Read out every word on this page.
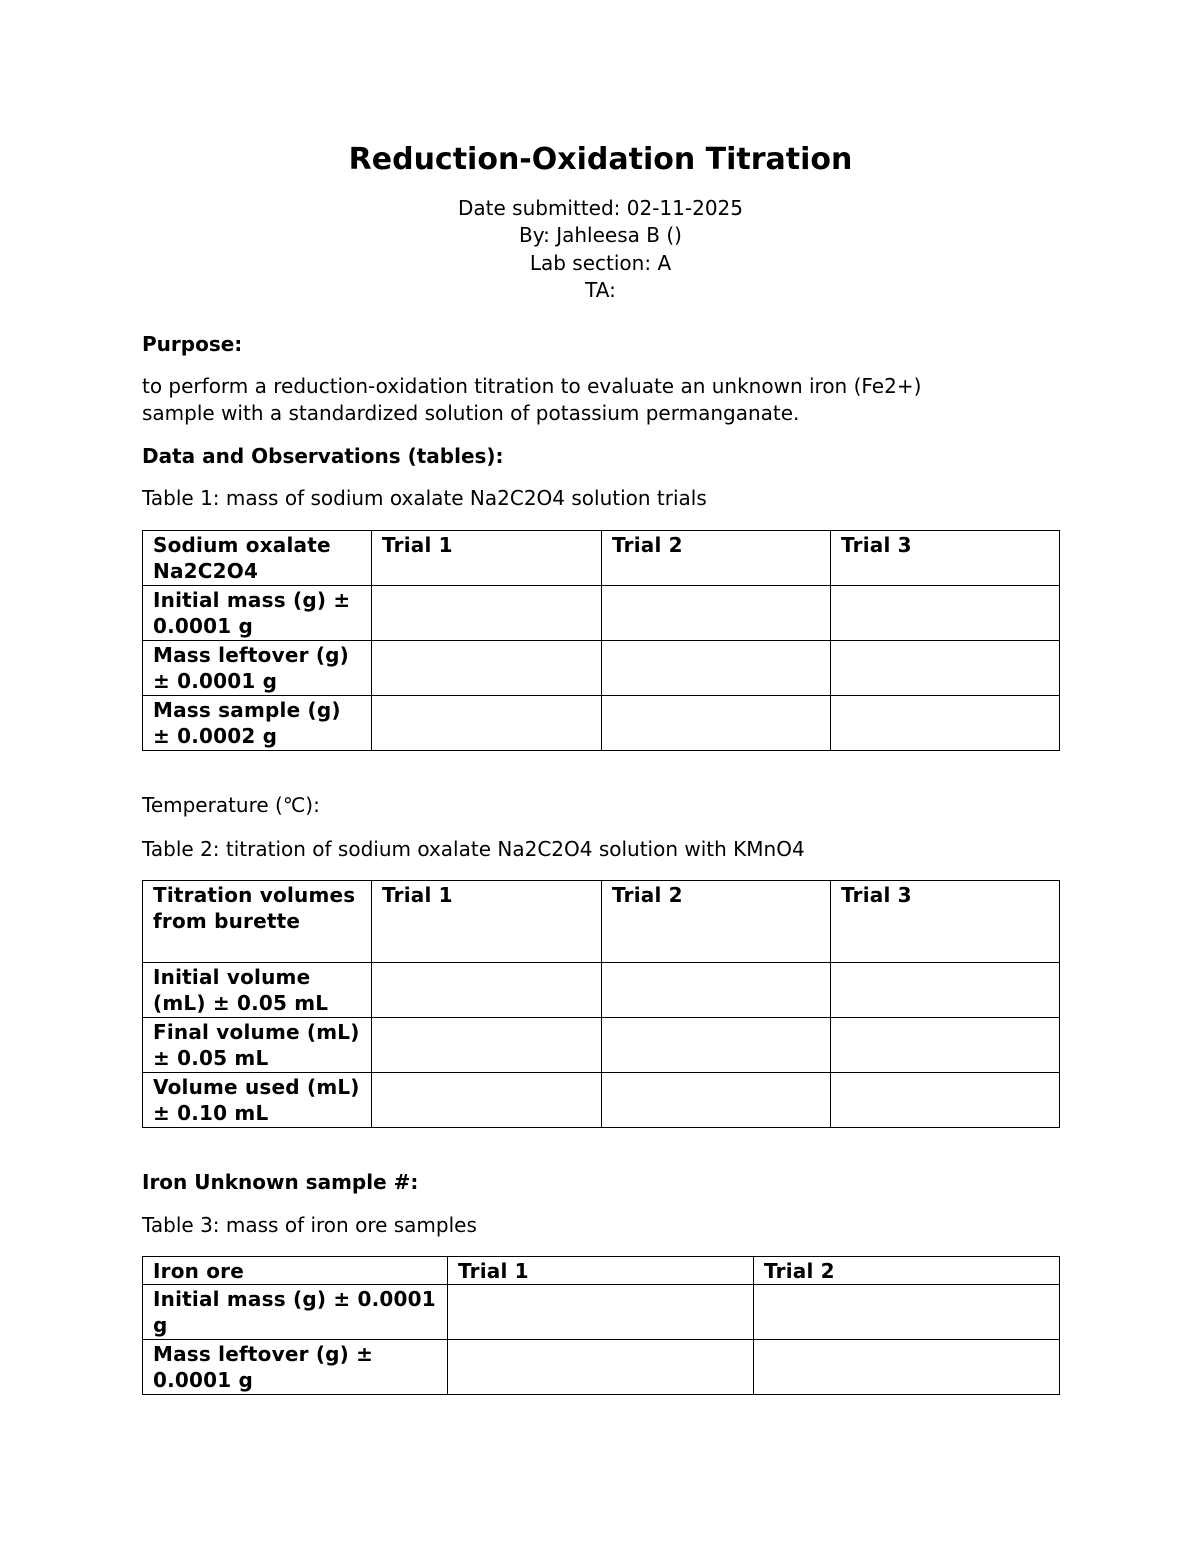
Reduction-Oxidation Titration
Date submitted: 02-11-2025
By: Jahleesa B ()
Lab section: A
TA:
Purpose:
to perform a reduction-oxidation titration to evaluate an unknown iron (Fe2+)
sample with a standardized solution of potassium permanganate.
Data and Observations (tables):
Table 1: mass of sodium oxalate Na2C2O4 solution trials
Sodium oxalate Na2C2O4	Trial 1	Trial 2	Trial 3
Initial mass (g) ± 0.0001 g			
Mass leftover (g) ± 0.0001 g			
Mass sample (g) ± 0.0002 g			
Temperature (℃):
Table 2: titration of sodium oxalate Na2C2O4 solution with KMnO4
Titration volumes from burette	Trial 1	Trial 2	Trial 3
Initial volume (mL) ± 0.05 mL			
Final volume (mL) ± 0.05 mL			
Volume used (mL) ± 0.10 mL			
Iron Unknown sample #:
Table 3: mass of iron ore samples
Iron ore	Trial 1	Trial 2
Initial mass (g) ± 0.0001 g		
Mass leftover (g) ± 0.0001 g		
